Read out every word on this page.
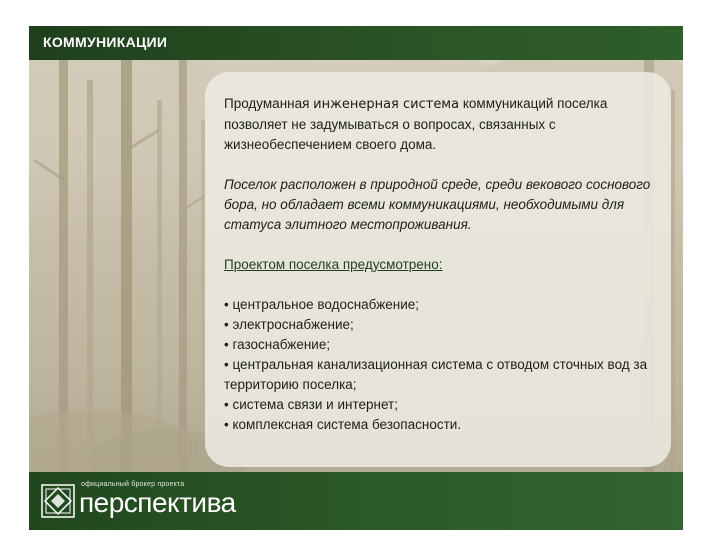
КОММУНИКАЦИИ

Продуманная инженерная система коммуникаций поселка позволяет не задумываться о вопросах, связанных с жизнеобеспечением своего дома.

Поселок расположен в природной среде, среди векового соснового бора, но обладает всеми коммуникациями, необходимыми для статуса элитного местопроживания.

Проектом поселка предусмотрено:

• центральное водоснабжение;
• электроснабжение;
• газоснабжение;
• центральная канализационная система с отводом сточных вод за территорию поселка;
• система связи и интернет;
• комплексная система безопасности.

официальный брокер проекта
перспектива
